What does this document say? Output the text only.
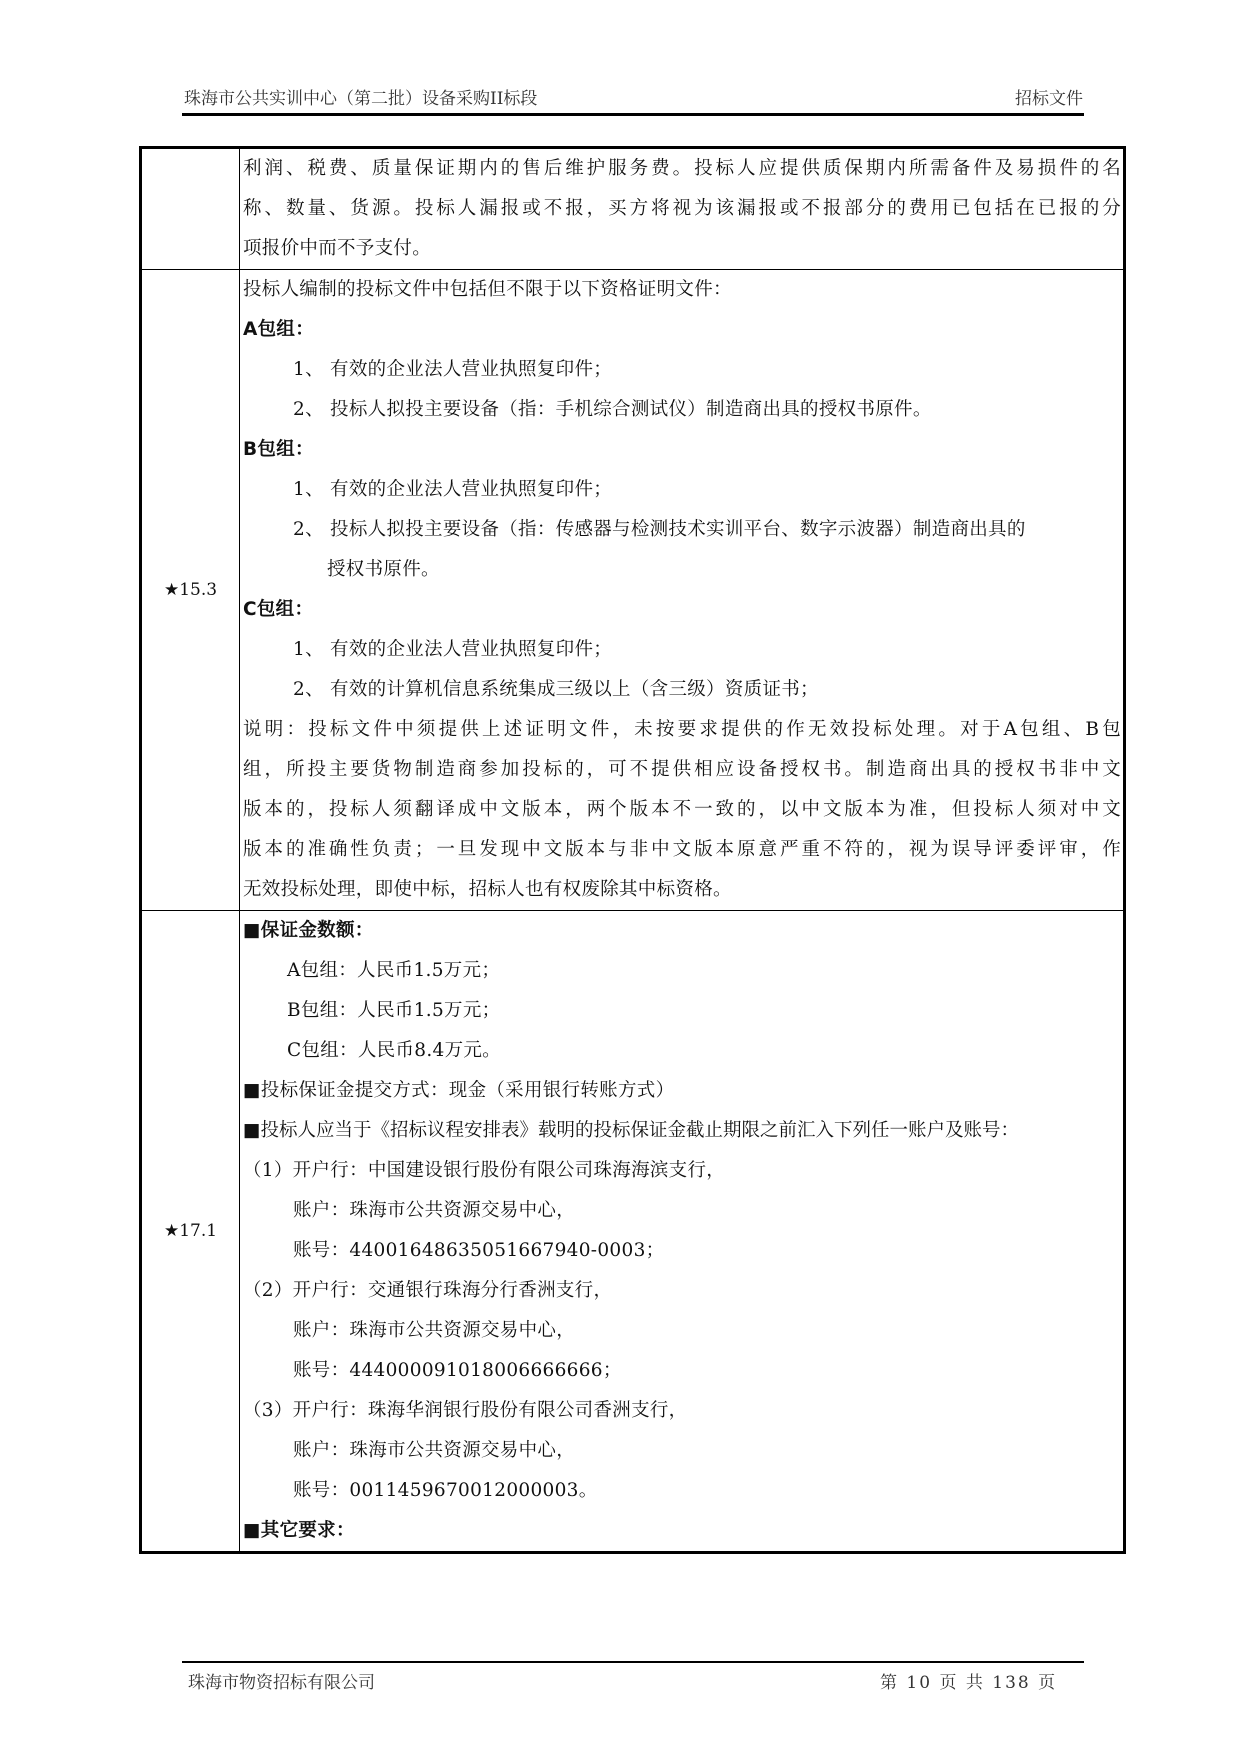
珠海市公共实训中心（第二批）设备采购II标段	招标文件
利润、税费、质量保证期内的售后维护服务费。投标人应提供质保期内所需备件及易损件的名
称、数量、货源。投标人漏报或不报，买方将视为该漏报或不报部分的费用已包括在已报的分
项报价中而不予支付。
★15.3
投标人编制的投标文件中包括但不限于以下资格证明文件：
A包组：
1、 有效的企业法人营业执照复印件；
2、 投标人拟投主要设备（指：手机综合测试仪）制造商出具的授权书原件。
B包组：
1、 有效的企业法人营业执照复印件；
2、 投标人拟投主要设备（指：传感器与检测技术实训平台、数字示波器）制造商出具的
授权书原件。
C包组：
1、 有效的企业法人营业执照复印件；
2、 有效的计算机信息系统集成三级以上（含三级）资质证书；
说明：投标文件中须提供上述证明文件，未按要求提供的作无效投标处理。对于A包组、B包
组，所投主要货物制造商参加投标的，可不提供相应设备授权书。制造商出具的授权书非中文
版本的，投标人须翻译成中文版本，两个版本不一致的，以中文版本为准，但投标人须对中文
版本的准确性负责；一旦发现中文版本与非中文版本原意严重不符的，视为误导评委评审，作
无效投标处理，即使中标，招标人也有权废除其中标资格。
★17.1
■保证金数额：
A包组：人民币1.5万元；
B包组：人民币1.5万元；
C包组：人民币8.4万元。
■投标保证金提交方式：现金（采用银行转账方式）
■投标人应当于《招标议程安排表》载明的投标保证金截止期限之前汇入下列任一账户及账号：
（1）开户行：中国建设银行股份有限公司珠海海滨支行，
账户：珠海市公共资源交易中心，
账号：44001648635051667940-0003；
（2）开户行：交通银行珠海分行香洲支行，
账户：珠海市公共资源交易中心，
账号：444000091018006666666；
（3）开户行：珠海华润银行股份有限公司香洲支行，
账户：珠海市公共资源交易中心，
账号：0011459670012000003。
■其它要求：
珠海市物资招标有限公司	第 10 页 共 138 页
